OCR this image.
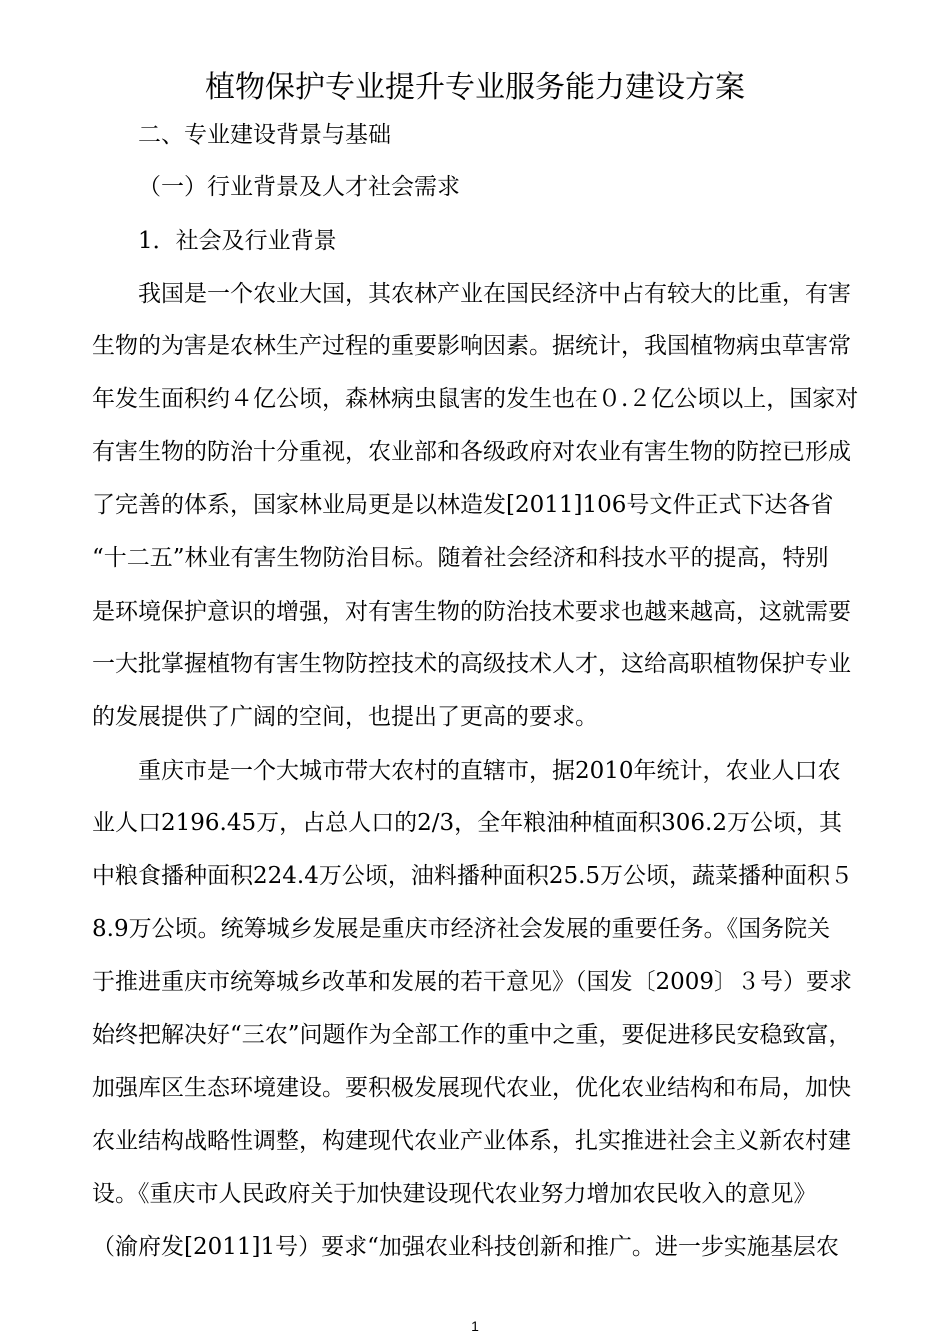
植物保护专业提升专业服务能力建设方案
二、专业建设背景与基础
（一）行业背景及人才社会需求
1．社会及行业背景
我国是一个农业大国，其农林产业在国民经济中占有较大的比重，有害
生物的为害是农林生产过程的重要影响因素。据统计，我国植物病虫草害常
年发生面积约４亿公顷，森林病虫鼠害的发生也在０.２亿公顷以上，国家对
有害生物的防治十分重视，农业部和各级政府对农业有害生物的防控已形成
了完善的体系，国家林业局更是以林造发[2011]106号文件正式下达各省
“十二五”林业有害生物防治目标。随着社会经济和科技水平的提高，特别
是环境保护意识的增强，对有害生物的防治技术要求也越来越高，这就需要
一大批掌握植物有害生物防控技术的高级技术人才，这给高职植物保护专业
的发展提供了广阔的空间，也提出了更高的要求。
重庆市是一个大城市带大农村的直辖市，据2010年统计，农业人口农
业人口2196.45万，占总人口的2/3，全年粮油种植面积306.2万公顷，其
中粮食播种面积224.4万公顷，油料播种面积25.5万公顷，蔬菜播种面积５
8.9万公顷。统筹城乡发展是重庆市经济社会发展的重要任务。《国务院关
于推进重庆市统筹城乡改革和发展的若干意见》（国发〔2009〕３号）要求
始终把解决好“三农”问题作为全部工作的重中之重，要促进移民安稳致富，
加强库区生态环境建设。要积极发展现代农业，优化农业结构和布局，加快
农业结构战略性调整，构建现代农业产业体系，扎实推进社会主义新农村建
设。《重庆市人民政府关于加快建设现代农业努力增加农民收入的意见》
（渝府发[2011]1号）要求“加强农业科技创新和推广。进一步实施基层农
1
